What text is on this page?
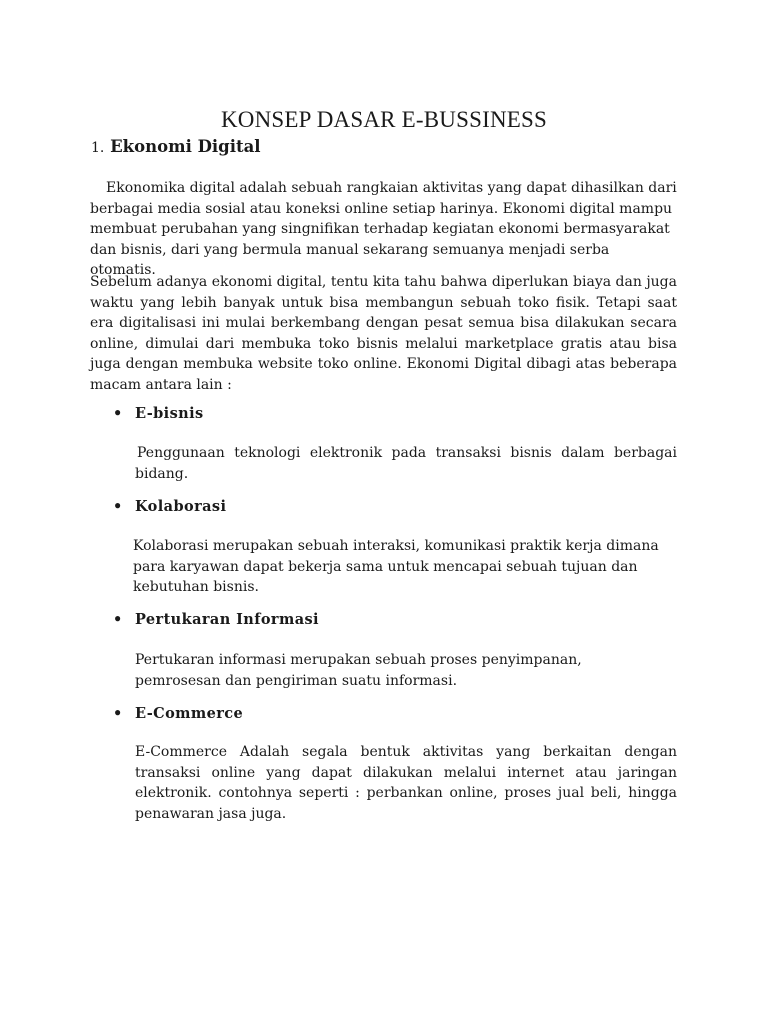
KONSEP DASAR E-BUSSINESS
1. Ekonomi Digital

Ekonomika digital adalah sebuah rangkaian aktivitas yang dapat dihasilkan dari berbagai media sosial atau koneksi online setiap harinya. Ekonomi digital mampu membuat perubahan yang singnifikan terhadap kegiatan ekonomi bermasyarakat dan bisnis, dari yang bermula manual sekarang semuanya menjadi serba otomatis.

Sebelum adanya ekonomi digital, tentu kita tahu bahwa diperlukan biaya dan juga waktu yang lebih banyak untuk bisa membangun sebuah toko fisik. Tetapi saat era digitalisasi ini mulai berkembang dengan pesat semua bisa dilakukan secara online, dimulai dari membuka toko bisnis melalui marketplace gratis atau bisa juga dengan membuka website toko online. Ekonomi Digital dibagi atas beberapa macam antara lain :

• E-bisnis

Penggunaan teknologi elektronik pada transaksi bisnis dalam berbagai bidang.

• Kolaborasi

Kolaborasi merupakan sebuah interaksi, komunikasi praktik kerja dimana para karyawan dapat bekerja sama untuk mencapai sebuah tujuan dan kebutuhan bisnis.

• Pertukaran Informasi

Pertukaran informasi merupakan sebuah proses penyimpanan, pemrosesan dan pengiriman suatu informasi.

• E-Commerce

E-Commerce Adalah segala bentuk aktivitas yang berkaitan dengan transaksi online yang dapat dilakukan melalui internet atau jaringan elektronik. contohnya seperti : perbankan online, proses jual beli, hingga penawaran jasa juga.
